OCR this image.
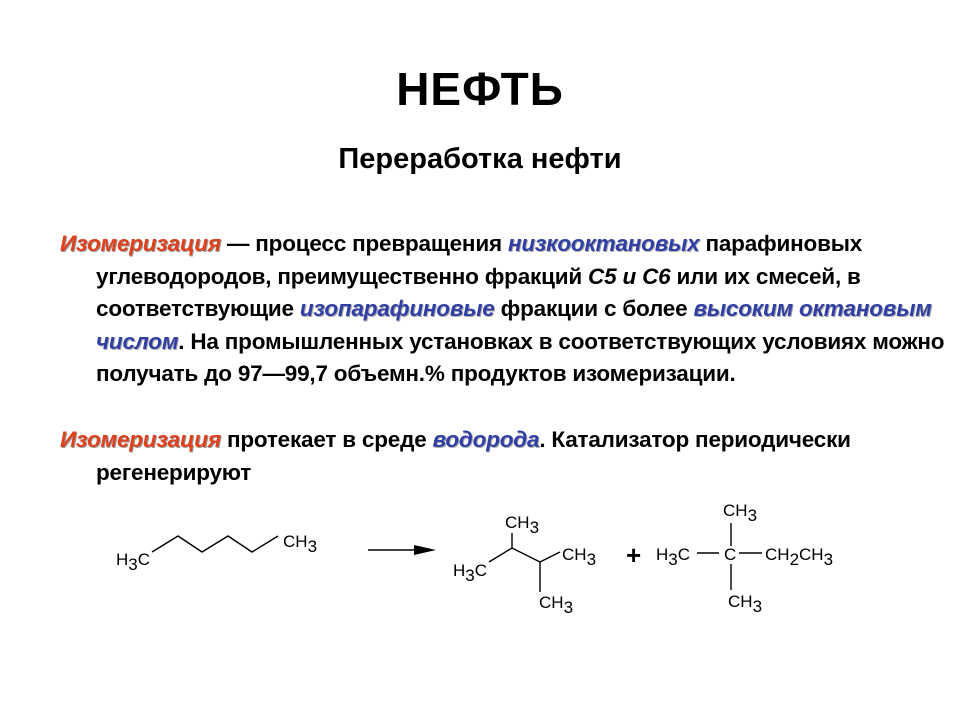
НЕФТЬ
Переработка нефти
Изомеризация — процесс превращения низкооктановых парафиновых углеводородов, преимущественно фракций С5 и С6 или их смесей, в соответствующие изопарафиновые фракции с более высоким октановым числом. На промышленных установках в соответствующих условиях можно получать до 97—99,7 объемн.% продуктов изомеризации.
Изомеризация протекает в среде водорода. Катализатор периодически регенерируют
H3C
CH3
CH3
H3C
CH3
CH3
+
CH3
H3C C CH2CH3
CH3
